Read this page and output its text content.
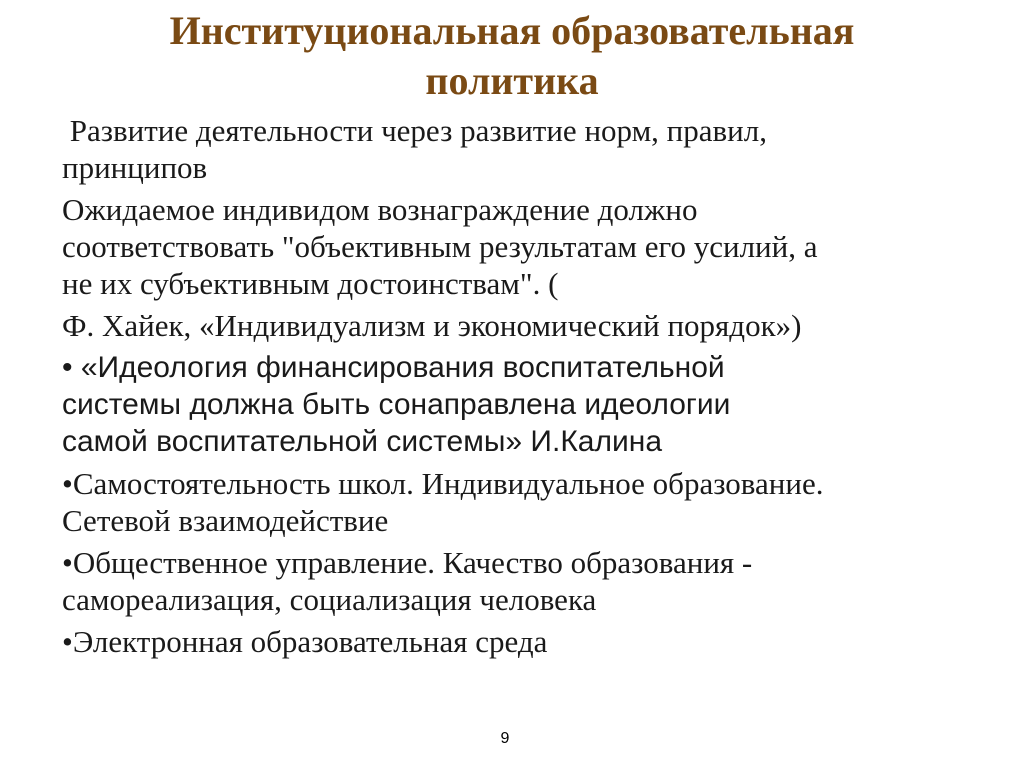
Институциональная образовательная
политика
Развитие деятельности через развитие норм, правил,
принципов
Ожидаемое индивидом вознаграждение должно
соответствовать "объективным результатам его усилий, а
не их субъективным достоинствам". (
Ф. Хайек, «Индивидуализм и экономический порядок»)
• «Идеология финансирования воспитательной
системы должна быть сонаправлена идеологии
самой воспитательной системы» И.Калина
•Самостоятельность школ. Индивидуальное образование.
Сетевой взаимодействие
•Общественное управление. Качество образования -
самореализация, социализация человека
•Электронная образовательная среда
9
